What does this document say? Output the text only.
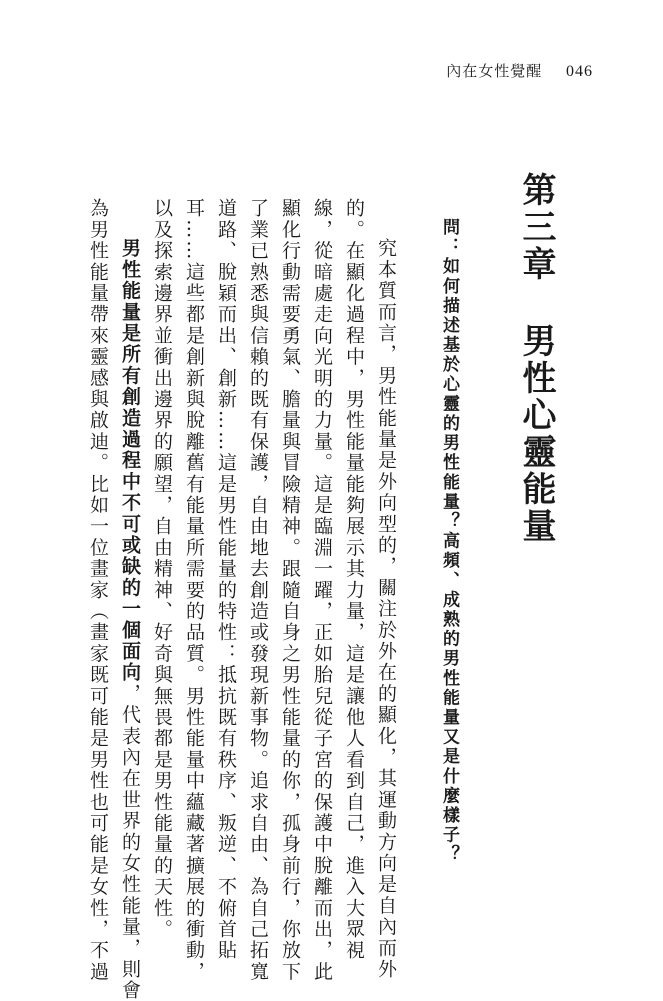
內在女性覺醒 046
第三章男性心靈能量
問：如何描述基於心靈的男性能量？高頻、成熟的男性能量又是什麼樣子？
究本質而言，男性能量是外向型的，關注於外在的顯化，其運動方向是自內而外
的。在顯化過程中，男性能量能夠展示其力量，這是讓他人看到自己，進入大眾視
線，從暗處走向光明的力量。這是臨淵一躍，正如胎兒從子宮的保護中脫離而出，此
顯化行動需要勇氣、膽量與冒險精神。跟隨自身之男性能量的你，孤身前行，你放下
了業已熟悉與信賴的既有保護，自由地去創造或發現新事物。追求自由、為自己拓寬
道路、脫穎而出、創新……這是男性能量的特性：抵抗既有秩序、叛逆、不俯首貼
耳……這些都是創新與脫離舊有能量所需要的品質。男性能量中蘊藏著擴展的衝動，
以及探索邊界並衝出邊界的願望，自由精神、好奇與無畏都是男性能量的天性。
男性能量是所有創造過程中不可或缺的一個面向，代表內在世界的女性能量，則會
為男性能量帶來靈感與啟迪。比如一位畫家（畫家既可能是男性也可能是女性，不過
